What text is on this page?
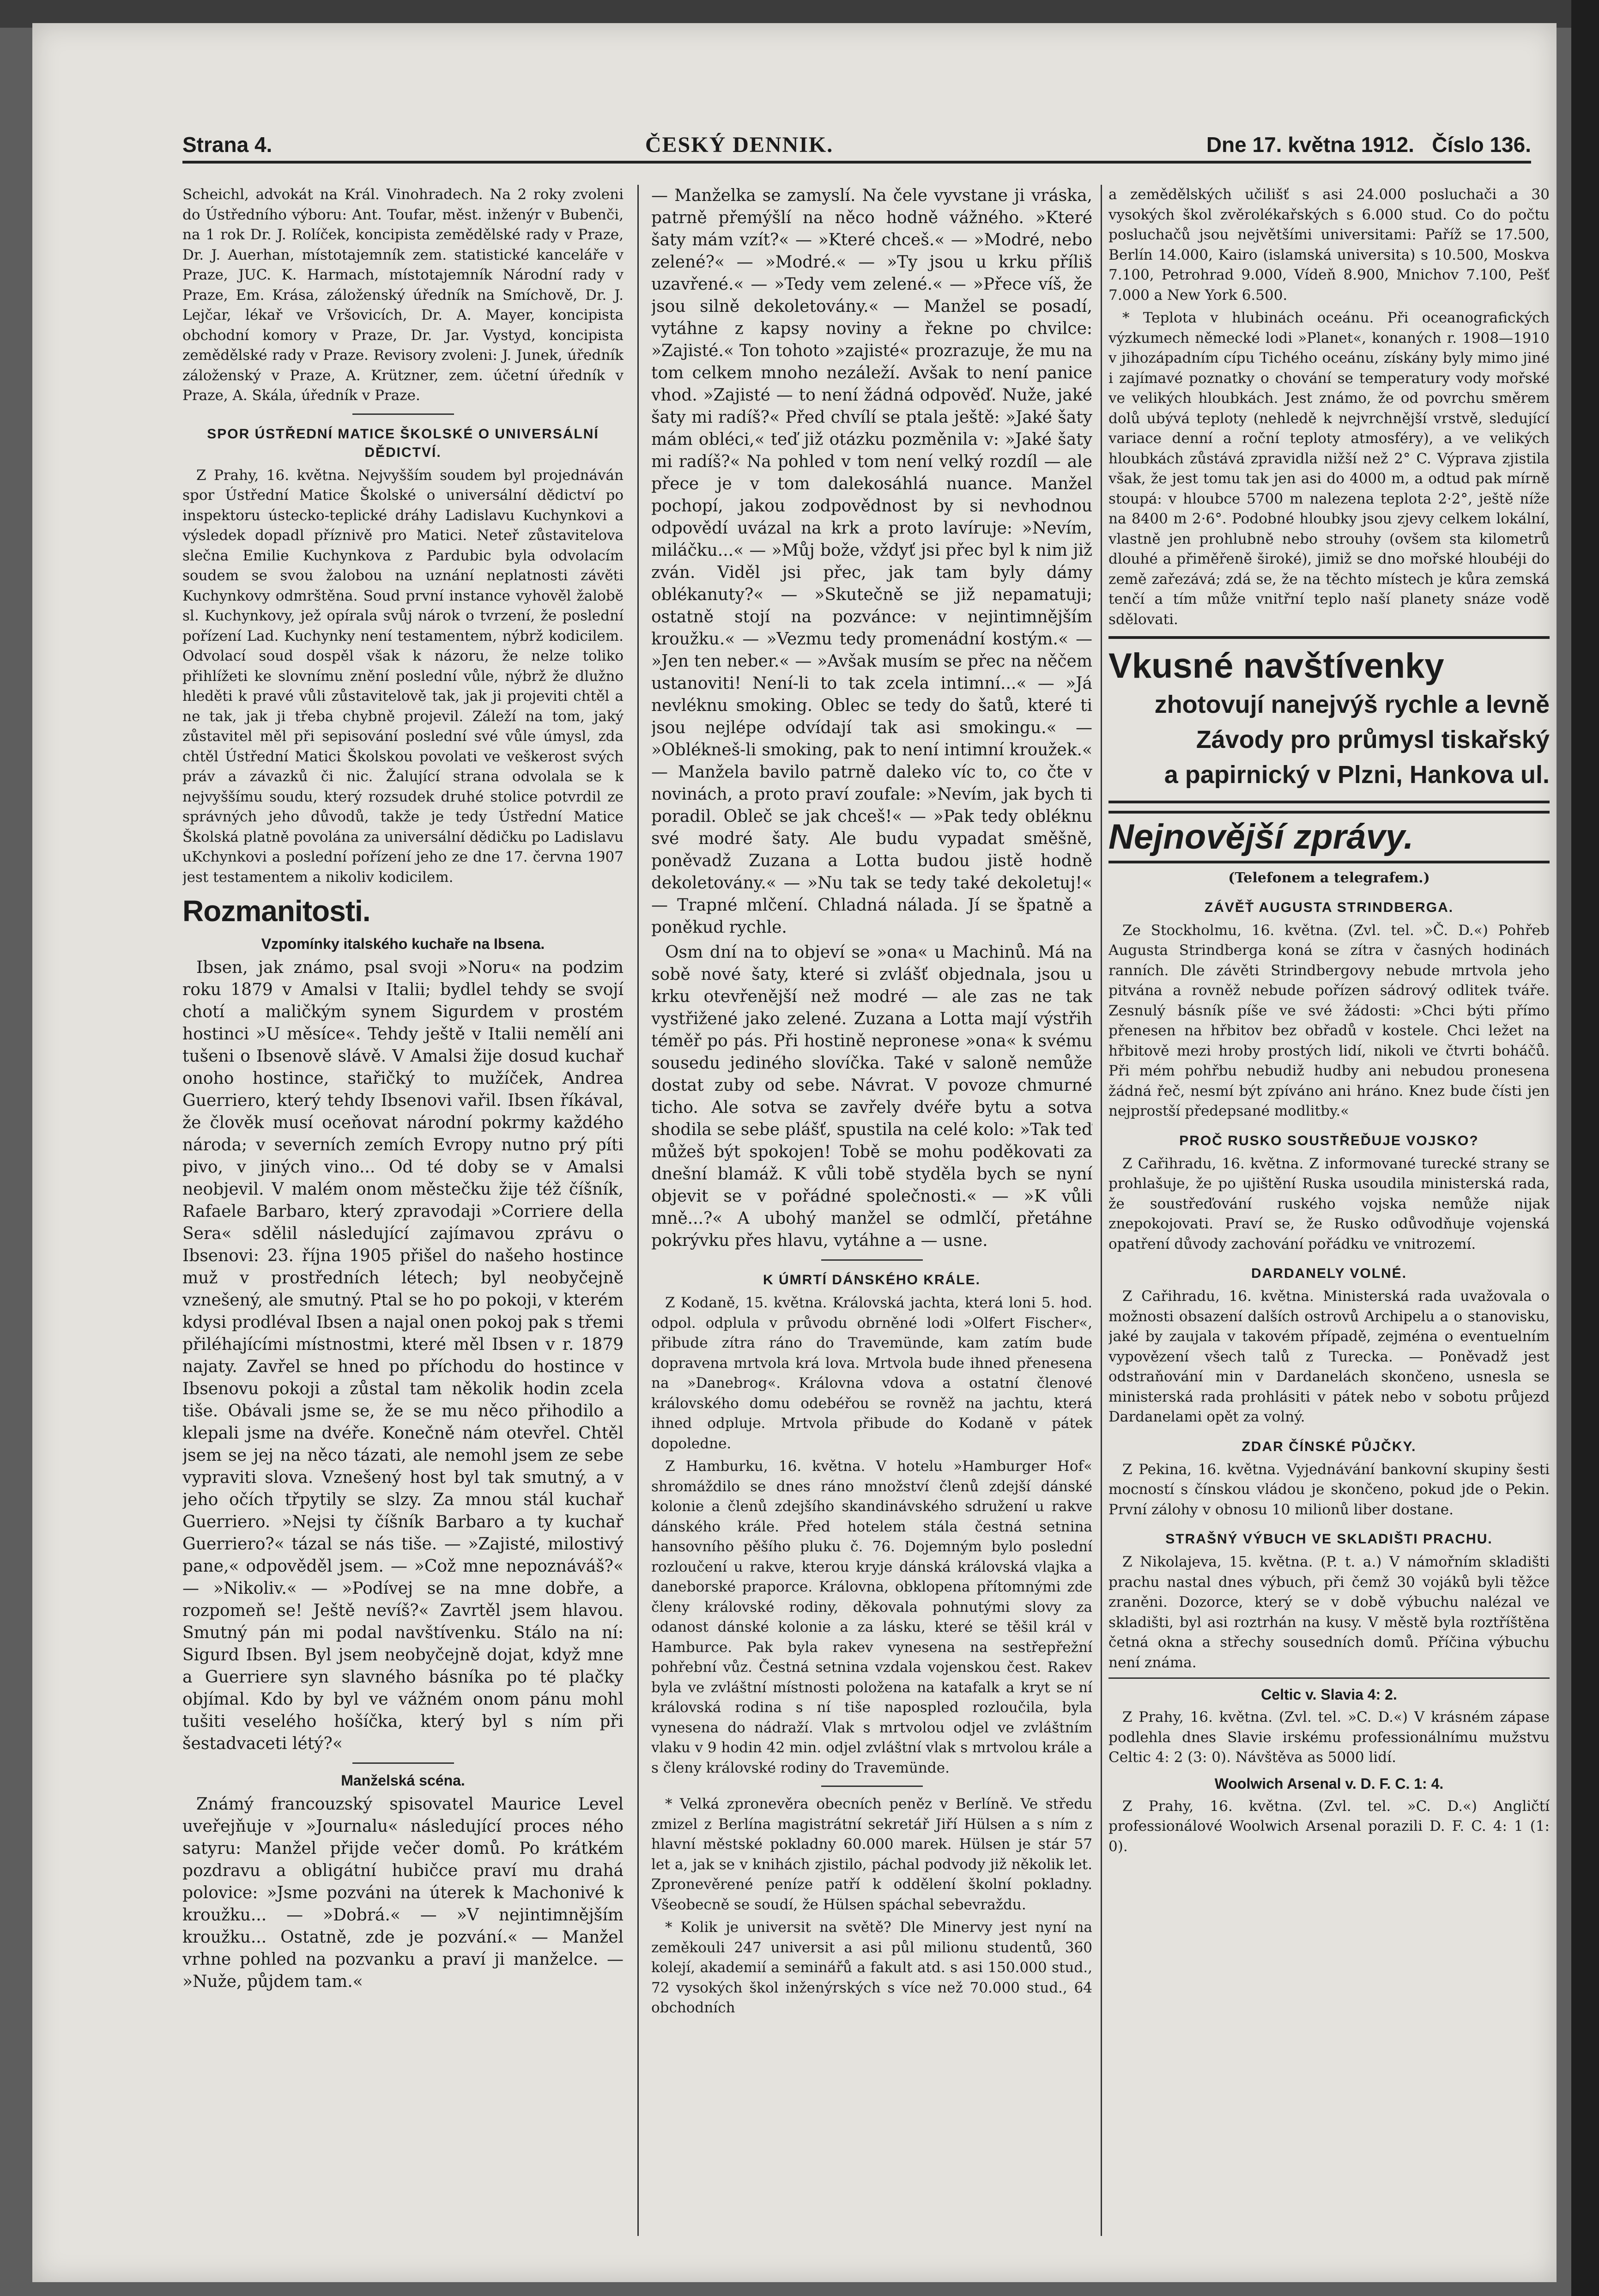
Strana 4.	ČESKÝ DENNIK.	Dne 17. května 1912. Číslo 136.

Scheichl, advokát na Král. Vinohradech. Na 2 roky zvoleni do Ústředního výboru: Ant. Toufar, měst. inženýr v Bubenči, na 1 rok Dr. J. Rolíček, koncipista zemědělské rady v Praze, Dr. J. Auerhan, místotajemník zem. statistické kanceláře v Praze, JUC. K. Harmach, místotajemník Národní rady v Praze, Em. Krása, záloženský úředník na Smíchově, Dr. J. Lejčar, lékař ve Vršovicích, Dr. A. Mayer, koncipista obchodní komory v Praze, Dr. Jar. Vystyd, koncipista zemědělské rady v Praze. Revisory zvoleni: J. Junek, úředník záloženský v Praze, A. Krützner, zem. účetní úředník v Praze, A. Skála, úředník v Praze.

SPOR ÚSTŘEDNÍ MATICE ŠKOLSKÉ O UNIVERSÁLNÍ DĚDICTVÍ.

Z Prahy, 16. května. Nejvyšším soudem byl projednáván spor Ústřední Matice Školské o universální dědictví po inspektoru ústecko-teplické dráhy Ladislavu Kuchynkovi a výsledek dopadl příznivě pro Matici. Neteř zůstavitelova slečna Emilie Kuchynkova z Pardubic byla odvolacím soudem se svou žalobou na uznání neplatnosti závěti Kuchynkovy odmrštěna. Soud první instance vyhověl žalobě sl. Kuchynkovy, jež opírala svůj nárok o tvrzení, že poslední pořízení Lad. Kuchynky není testamentem, nýbrž kodicilem. Odvolací soud dospěl však k názoru, že nelze toliko přihlížeti ke slovnímu znění poslední vůle, nýbrž že dlužno hleděti k pravé vůli zůstavitelově tak, jak ji projeviti chtěl a ne tak, jak ji třeba chybně projevil. Záleží na tom, jaký zůstavitel měl při sepisování poslední své vůle úmysl, zda chtěl Ústřední Matici Školskou povolati ve veškerost svých práv a závazků či nic. Žalující strana odvolala se k nejvyššímu soudu, který rozsudek druhé stolice potvrdil ze správných jeho důvodů, takže je tedy Ústřední Matice Školská platně povolána za universální dědičku po Ladislavu uKchynkovi a poslední pořízení jeho ze dne 17. června 1907 jest testamentem a nikoliv kodicilem.

Rozmanitosti.
Vzpomínky italského kuchaře na Ibsena.

Ibsen, jak známo, psal svoji »Noru« na podzim roku 1879 v Amalsi v Italii; bydlel tehdy se svojí chotí a maličkým synem Sigurdem v prostém hostinci »U měsíce«. Tehdy ještě v Italii nemělí ani tušeni o Ibsenově slávě. V Amalsi žije dosud kuchař onoho hostince, stařičký to mužíček, Andrea Guerriero, který tehdy Ibsenovi vařil. Ibsen říkával, že člověk musí oceňovat národní pokrmy každého národa; v severních zemích Evropy nutno prý píti pivo, v jiných vino... Od té doby se v Amalsi neobjevil. V malém onom městečku žije též číšník, Rafaele Barbaro, který zpravodaji »Corriere della Sera« sdělil následující zajímavou zprávu o Ibsenovi: 23. října 1905 přišel do našeho hostince muž v prostředních létech; byl neobyčejně vznešený, ale smutný. Ptal se ho po pokoji, v kterém kdysi prodléval Ibsen a najal onen pokoj pak s třemi přiléhajícími místnostmi, které měl Ibsen v r. 1879 najaty. Zavřel se hned po příchodu do hostince v Ibsenovu pokoji a zůstal tam několik hodin zcela tiše. Obávali jsme se, že se mu něco přihodilo a klepali jsme na dvéře. Konečně nám otevřel. Chtěl jsem se jej na něco tázati, ale nemohl jsem ze sebe vypraviti slova. Vznešený host byl tak smutný, a v jeho očích třpytily se slzy. Za mnou stál kuchař Guerriero. »Nejsi ty číšník Barbaro a ty kuchař Guerriero?« tázal se nás tiše. — »Zajisté, milostivý pane,« odpověděl jsem. — »Což mne nepoznáváš?« — »Nikoliv.« — »Podívej se na mne dobře, a rozpomeň se! Ještě nevíš?« Zavrtěl jsem hlavou. Smutný pán mi podal navštívenku. Stálo na ní: Sigurd Ibsen. Byl jsem neobyčejně dojat, když mne a Guerriere syn slavného básníka po té plačky objímal. Kdo by byl ve vážném onom pánu mohl tušiti veselého hošíčka, který byl s ním při šestadvaceti létý?«

Manželská scéna.

Známý francouzský spisovatel Maurice Level uveřejňuje v »Journalu« následující proces ného satyru: Manžel přijde večer domů. Po krátkém pozdravu a obligátní hubičce praví mu drahá polovice: »Jsme pozváni na úterek k Machonivé k kroužku... — »Dobrá.« — »V nejintimnějším kroužku... Ostatně, zde je pozvání.« — Manžel vrhne pohled na pozvanku a praví ji manželce. — »Nuže, půjdem tam.«

— Manželka se zamyslí. Na čele vyvstane ji vráska, patrně přemýšlí na něco hodně vážného. »Které šaty mám vzít?« — »Které chceš.« — »Modré, nebo zelené?« — »Modré.« — »Ty jsou u krku příliš uzavřené.« — »Tedy vem zelené.« — »Přece víš, že jsou silně dekoletovány.« — Manžel se posadí, vytáhne z kapsy noviny a řekne po chvilce: »Zajisté.« Ton tohoto »zajisté« prozrazuje, že mu na tom celkem mnoho nezáleží. Avšak to není panice vhod. »Zajisté — to není žádná odpověď. Nuže, jaké šaty mi radíš?« Před chvílí se ptala ještě: »Jaké šaty mám obléci,« teď již otázku pozměnila v: »Jaké šaty mi radíš?« Na pohled v tom není velký rozdíl — ale přece je v tom dalekosáhlá nuance. Manžel pochopí, jakou zodpovědnost by si nevhodnou odpovědí uvázal na krk a proto lavíruje: »Nevím, miláčku...« — »Můj bože, vždyť jsi přec byl k nim již zván. Viděl jsi přec, jak tam byly dámy oblékanuty?« — »Skutečně se již nepamatuji; ostatně stojí na pozvánce: v nejintimnějším kroužku.« — »Vezmu tedy promenádní kostým.« — »Jen ten neber.« — »Avšak musím se přec na něčem ustanoviti! Není-li to tak zcela intimní...« — »Já nevléknu smoking. Oblec se tedy do šatů, které ti jsou nejlépe odvídají tak asi smokingu.« — »Oblékneš-li smoking, pak to není intimní kroužek.« — Manžela bavilo patrně daleko víc to, co čte v novinách, a proto praví zoufale: »Nevím, jak bych ti poradil. Obleč se jak chceš!« — »Pak tedy obléknu své modré šaty. Ale budu vypadat směšně, poněvadž Zuzana a Lotta budou jistě hodně dekoletovány.« — »Nu tak se tedy také dekoletuj!« — Trapné mlčení. Chladná nálada. Jí se špatně a poněkud rychle.

Osm dní na to objeví se »ona« u Machinů. Má na sobě nové šaty, které si zvlášť objednala, jsou u krku otevřenější než modré — ale zas ne tak vystřižené jako zelené. Zuzana a Lotta mají výstřih téměř po pás. Při hostině nepronese »ona« k svému sousedu jediného slovíčka. Také v saloně nemůže dostat zuby od sebe. Návrat. V povoze chmurné ticho. Ale sotva se zavřely dvéře bytu a sotva shodila se sebe plášť, spustila na celé kolo: »Tak teď můžeš být spokojen! Tobě se mohu poděkovati za dnešní blamáž. K vůli tobě styděla bych se nyní objevit se v pořádné společnosti.« — »K vůli mně...?« A ubohý manžel se odmlčí, přetáhne pokrývku přes hlavu, vytáhne a — usne.

K ÚMRTÍ DÁNSKÉHO KRÁLE.

Z Kodaně, 15. května. Královská jachta, která loni 5. hod. odpol. odplula v průvodu obrněné lodi »Olfert Fischer«, přibude zítra ráno do Travemünde, kam zatím bude dopravena mrtvola krá lova. Mrtvola bude ihned přenesena na »Danebrog«. Královna vdova a ostatní členové královského domu odebéřou se rovněž na jachtu, která ihned odpluje. Mrtvola přibude do Kodaně v pátek dopoledne.

Z Hamburku, 16. května. V hotelu »Hamburger Hof« shromáždilo se dnes ráno množství členů zdejší dánské kolonie a členů zdejšího skandinávského sdružení u rakve dánského krále. Před hotelem stála čestná setnina hansovního pěšího pluku č. 76. Dojemným bylo poslední rozloučení u rakve, kterou kryje dánská královská vlajka a daneborské praporce. Královna, obklopena přítomnými zde členy královské rodiny, děkovala pohnutými slovy za odanost dánské kolonie a za lásku, které se těšil král v Hamburce. Pak byla rakev vynesena na sestřepřežní pohřební vůz. Čestná setnina vzdala vojenskou čest. Rakev byla ve zvláštní místnosti položena na katafalk a kryt se ní královská rodina s ní tiše napospled rozloučila, byla vynesena do nádraží. Vlak s mrtvolou odjel ve zvláštním vlaku v 9 hodin 42 min. odjel zvláštní vlak s mrtvolou krále a s členy královské rodiny do Travemünde.

* Velká zpronevěra obecních peněz v Berlíně. Ve středu zmizel z Berlína magistrátní sekretář Jiří Hülsen a s ním z hlavní městské pokladny 60.000 marek. Hülsen je stár 57 let a, jak se v knihách zjistilo, páchal podvody již několik let. Zpronevěrené peníze patří k oddělení školní pokladny. Všeobecně se soudí, že Hülsen spáchal sebevraždu.

* Kolik je universit na světě? Dle Minervy jest nyní na zeměkouli 247 universit a asi půl milionu studentů, 360 kolejí, akademií a seminářů a fakult atd. s asi 150.000 stud., 72 vysokých škol inženýrských s více než 70.000 stud., 64 obchodních

a zemědělských učilišť s asi 24.000 posluchači a 30 vysokých škol zvěrolékařských s 6.000 stud. Co do počtu posluchačů jsou největšími universitami: Paříž se 17.500, Berlín 14.000, Kairo (islamská universita) s 10.500, Moskva 7.100, Petrohrad 9.000, Vídeň 8.900, Mnichov 7.100, Pešť 7.000 a New York 6.500.

* Teplota v hlubinách oceánu. Při oceanografických výzkumech německé lodi »Planet«, konaných r. 1908—1910 v jihozápadním cípu Tichého oceánu, získány byly mimo jiné i zajímavé poznatky o chování se temperatury vody mořské ve velikých hloubkách. Jest známo, že od povrchu směrem dolů ubývá teploty (nehledě k nejvrchnější vrstvě, sledující variace denní a roční teploty atmosféry), a ve velikých hloubkách zůstává zpravidla nižší než 2° C. Výprava zjistila však, že jest tomu tak jen asi do 4000 m, a odtud pak mírně stoupá: v hloubce 5700 m nalezena teplota 2·2°, ještě níže na 8400 m 2·6°. Podobné hloubky jsou zjevy celkem lokální, vlastně jen prohlubně nebo strouhy (ovšem sta kilometrů dlouhé a přiměřeně široké), jimiž se dno mořské hloubéji do země zařezává; zdá se, že na těchto místech je kůra zemská tenčí a tím může vnitřní teplo naší planety snáze vodě sdělovati.

Vkusné navštívenky
zhotovují nanejvýš rychle a levně
Závody pro průmysl tiskařský
a papirnický v Plzni, Hankova ul.
Nejnovější zprávy.
(Telefonem a telegrafem.)
ZÁVĚŤ AUGUSTA STRINDBERGA.

Ze Stockholmu, 16. května. (Zvl. tel. »Č. D.«) Pohřeb Augusta Strindberga koná se zítra v časných hodinách ranních. Dle závěti Strindbergovy nebude mrtvola jeho pitvána a rovněž nebude pořízen sádrový odlitek tváře. Zesnulý básník píše ve své žádosti: »Chci býti přímo přenesen na hřbitov bez obřadů v kostele. Chci ležet na hřbitově mezi hroby prostých lidí, nikoli ve čtvrti boháčů. Při mém pohřbu nebudiž hudby ani nebudou pronesena žádná řeč, nesmí být zpíváno ani hráno. Knez bude čísti jen nejprostší předepsané modlitby.«

PROČ RUSKO SOUSTŘEĎUJE VOJSKO?

Z Cařihradu, 16. května. Z informované turecké strany se prohlašuje, že po ujištění Ruska usoudila ministerská rada, že soustřeďování ruského vojska nemůže nijak znepokojovati. Praví se, že Rusko odůvodňuje vojenská opatření důvody zachování pořádku ve vnitrozemí.

DARDANELY VOLNÉ.

Z Cařihradu, 16. května. Ministerská rada uvažovala o možnosti obsazení dalších ostrovů Archipelu a o stanovisku, jaké by zaujala v takovém případě, zejména o eventuelním vypovězení všech talů z Turecka. — Poněvadž jest odstraňování min v Dardanelách skončeno, usnesla se ministerská rada prohlásiti v pátek nebo v sobotu průjezd Dardanelami opět za volný.

ZDAR ČÍNSKÉ PŮJČKY.

Z Pekina, 16. května. Vyjednávání bankovní skupiny šesti mocností s čínskou vládou je skončeno, pokud jde o Pekin. První zálohy v obnosu 10 milionů liber dostane.

STRAŠNÝ VÝBUCH VE SKLADIŠTI PRACHU.

Z Nikolajeva, 15. května. (P. t. a.) V námořním skladišti prachu nastal dnes výbuch, při čemž 30 vojáků byli těžce zraněni. Dozorce, který se v době výbuchu nalézal ve skladišti, byl asi roztrhán na kusy. V městě byla roztříštěna četná okna a střechy sousedních domů. Příčina výbuchu není známa.

Celtic v. Slavia 4: 2.

Z Prahy, 16. května. (Zvl. tel. »C. D.«) V krásném zápase podlehla dnes Slavie irskému professionálnímu mužstvu Celtic 4: 2 (3: 0). Návštěva as 5000 lidí.

Woolwich Arsenal v. D. F. C. 1: 4.

Z Prahy, 16. května. (Zvl. tel. »C. D.«) Angličtí professionálové Woolwich Arsenal porazili D. F. C. 4: 1 (1: 0).
